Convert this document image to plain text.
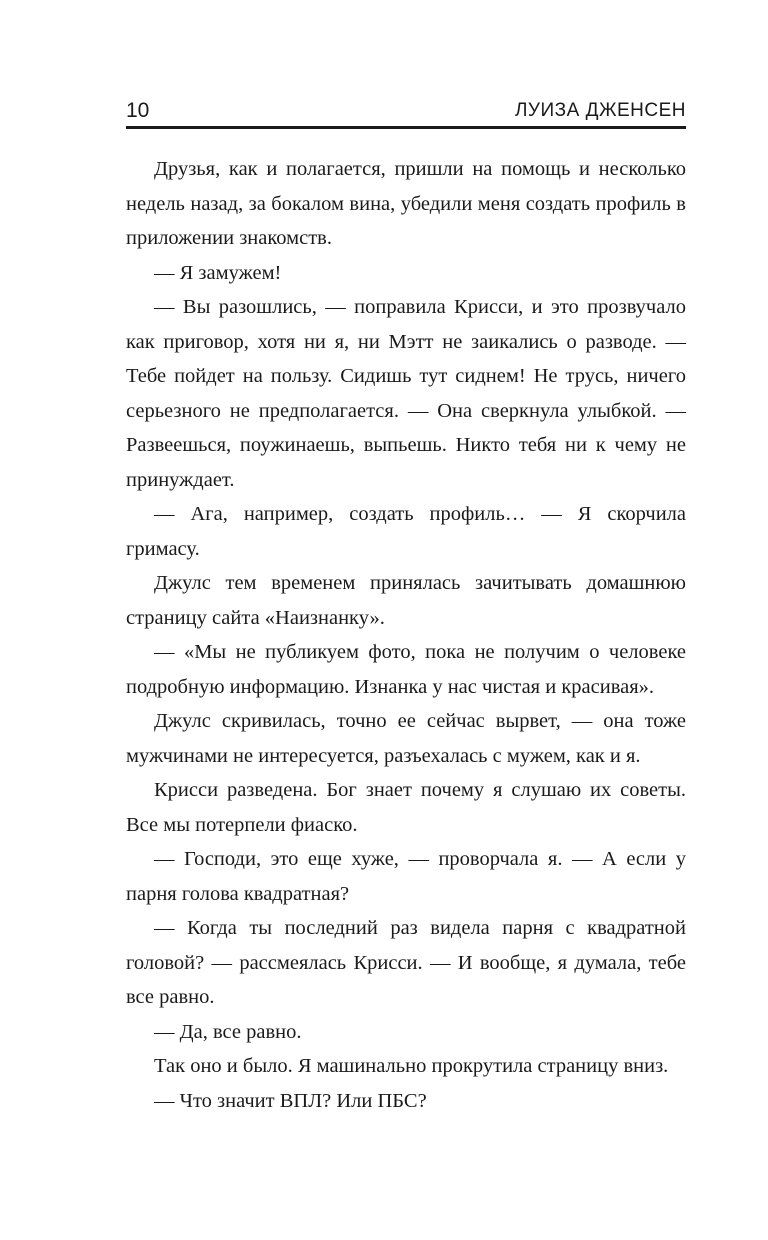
10	ЛУИЗА ДЖЕНСЕН

Друзья, как и полагается, пришли на помощь и несколько недель назад, за бокалом вина, убедили меня создать профиль в приложении знакомств.

— Я замужем!

— Вы разошлись, — поправила Крисси, и это прозвучало как приговор, хотя ни я, ни Мэтт не заикались о разводе. — Тебе пойдет на пользу. Сидишь тут сиднем! Не трусь, ничего серьезного не предполагается. — Она сверкнула улыбкой. — Развеешься, поужинаешь, выпьешь. Никто тебя ни к чему не принуждает.

— Ага, например, создать профиль… — Я скорчила гримасу.

Джулс тем временем принялась зачитывать домашнюю страницу сайта «Наизнанку».

— «Мы не публикуем фото, пока не получим о человеке подробную информацию. Изнанка у нас чистая и красивая».

Джулс скривилась, точно ее сейчас вырвет, — она тоже мужчинами не интересуется, разъехалась с мужем, как и я.

Крисси разведена. Бог знает почему я слушаю их советы. Все мы потерпели фиаско.

— Господи, это еще хуже, — проворчала я. — А если у парня голова квадратная?

— Когда ты последний раз видела парня с квадратной головой? — рассмеялась Крисси. — И вообще, я думала, тебе все равно.

— Да, все равно.

Так оно и было. Я машинально прокрутила страницу вниз.

— Что значит ВПЛ? Или ПБС?
